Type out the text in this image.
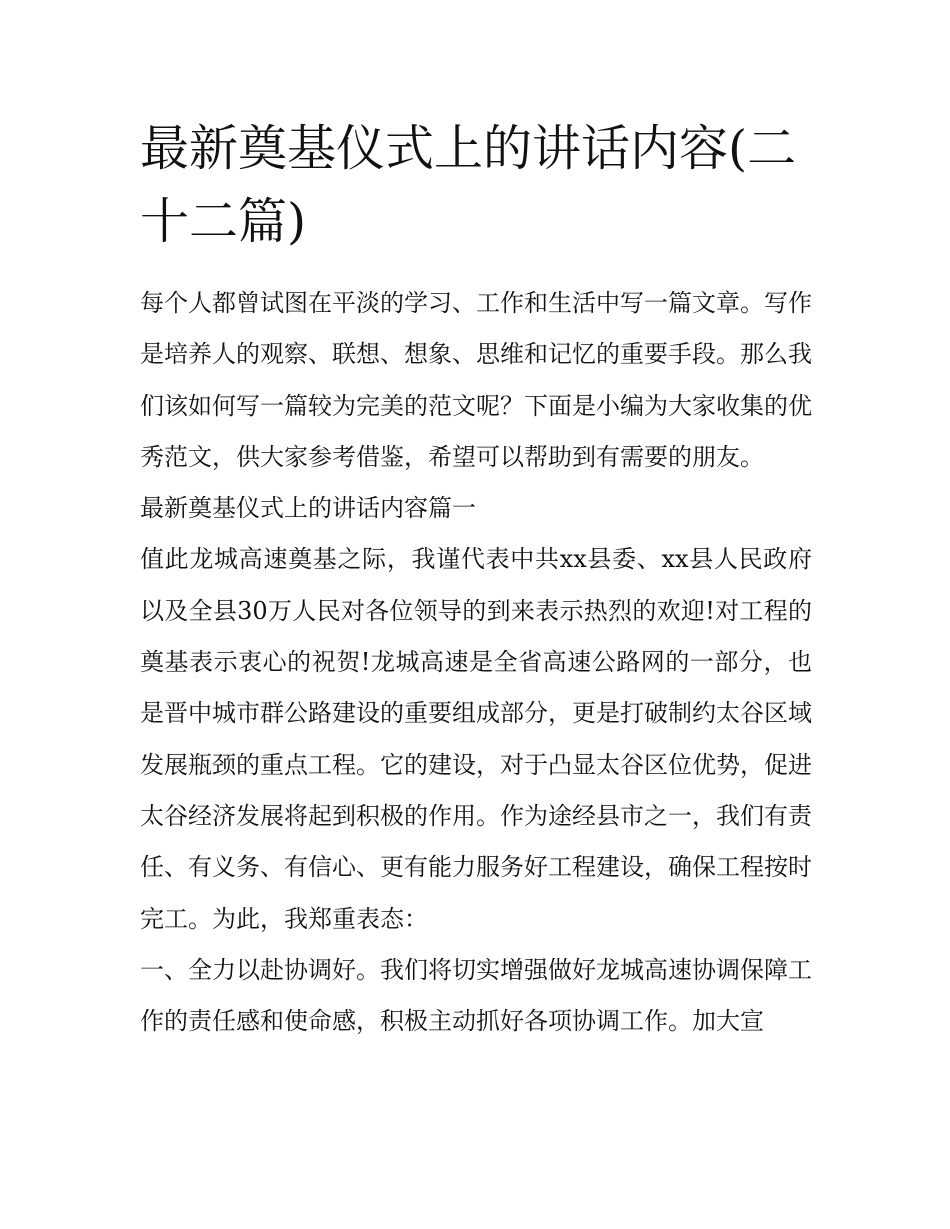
最新奠基仪式上的讲话内容(二十二篇)

每个人都曾试图在平淡的学习、工作和生活中写一篇文章。写作是培养人的观察、联想、想象、思维和记忆的重要手段。那么我们该如何写一篇较为完美的范文呢？下面是小编为大家收集的优秀范文，供大家参考借鉴，希望可以帮助到有需要的朋友。

最新奠基仪式上的讲话内容篇一

值此龙城高速奠基之际，我谨代表中共xx县委、xx县人民政府以及全县30万人民对各位领导的到来表示热烈的欢迎!对工程的奠基表示衷心的祝贺!龙城高速是全省高速公路网的一部分，也是晋中城市群公路建设的重要组成部分，更是打破制约太谷区域发展瓶颈的重点工程。它的建设，对于凸显太谷区位优势，促进太谷经济发展将起到积极的作用。作为途经县市之一，我们有责任、有义务、有信心、更有能力服务好工程建设，确保工程按时完工。为此，我郑重表态：

一、全力以赴协调好。我们将切实增强做好龙城高速协调保障工作的责任感和使命感，积极主动抓好各项协调工作。加大宣
